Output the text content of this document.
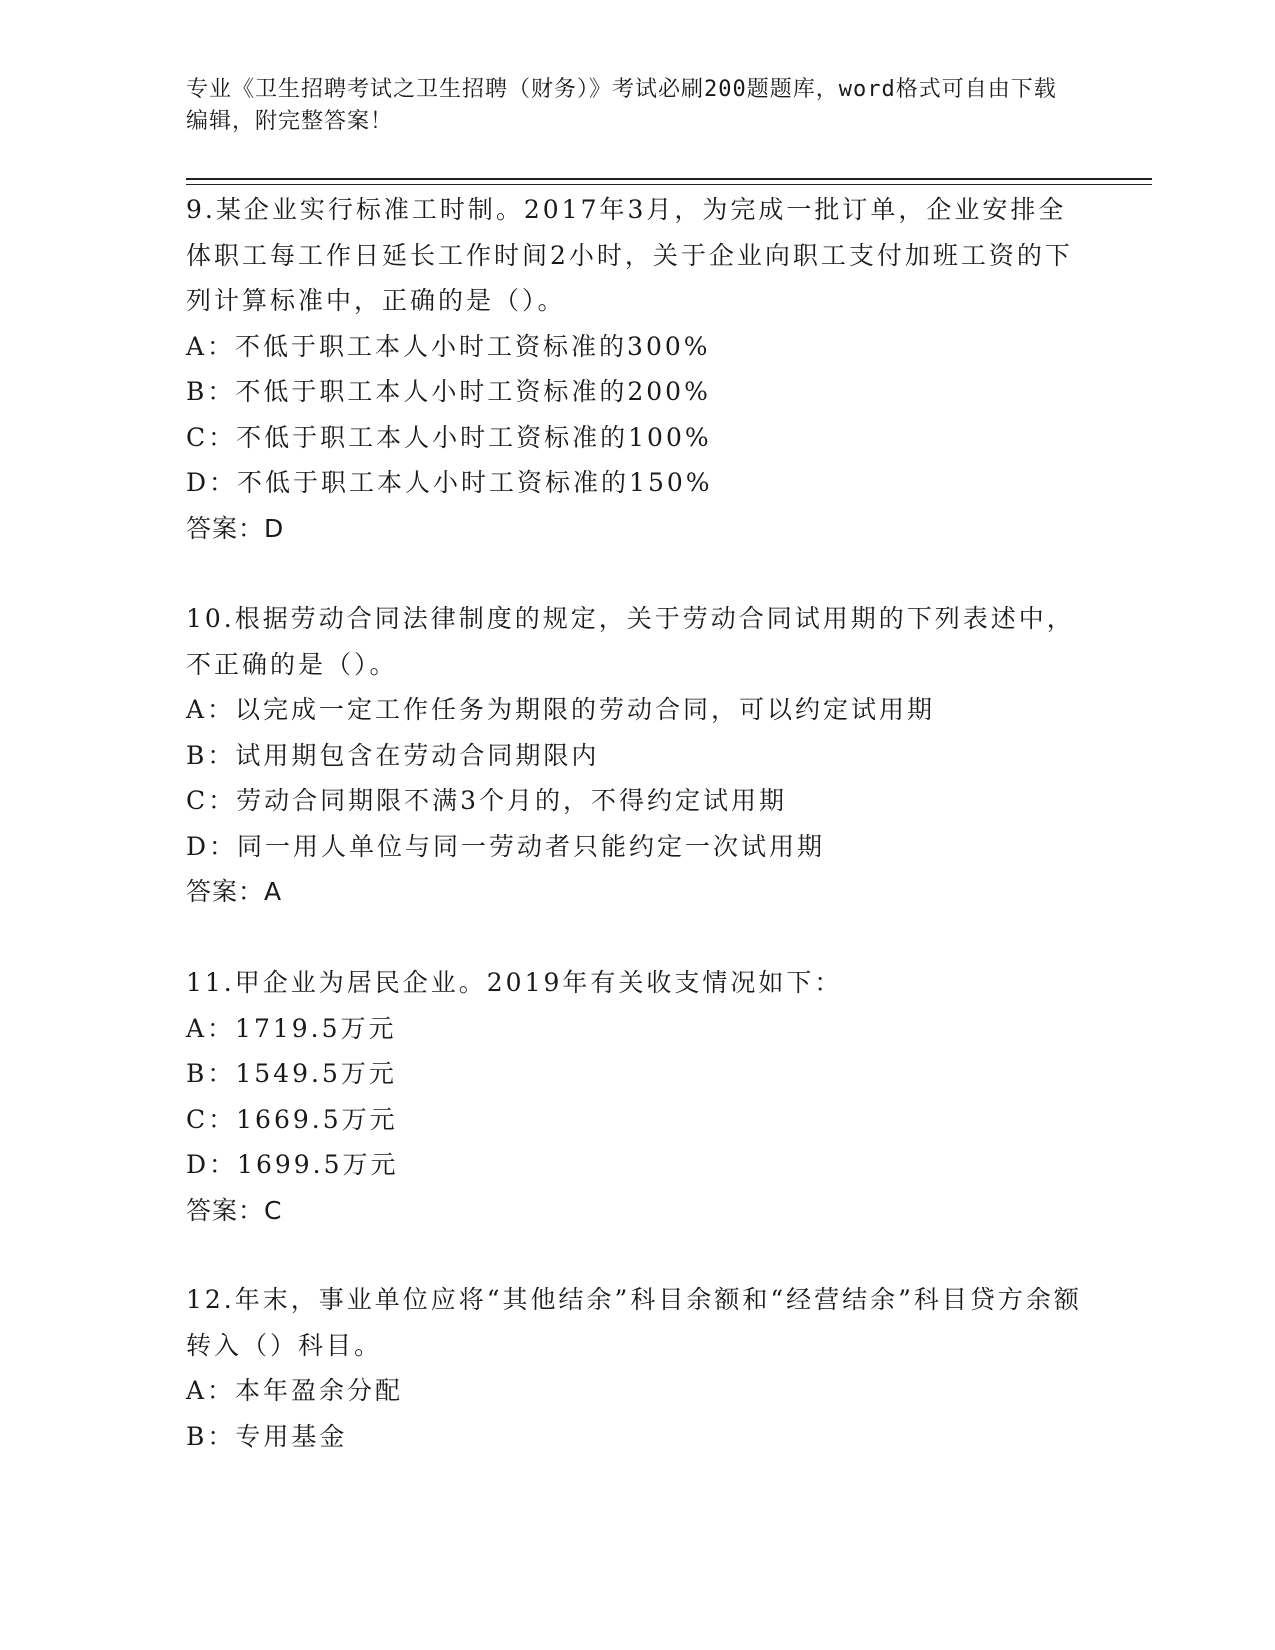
专业《卫生招聘考试之卫生招聘（财务）》考试必刷200题题库，word格式可自由下载编辑，附完整答案！

9.某企业实行标准工时制。2017年3月，为完成一批订单，企业安排全体职工每工作日延长工作时间2小时，关于企业向职工支付加班工资的下列计算标准中，正确的是（）。

A：不低于职工本人小时工资标准的300%

B：不低于职工本人小时工资标准的200%

C：不低于职工本人小时工资标准的100%

D：不低于职工本人小时工资标准的150%

答案：D

10.根据劳动合同法律制度的规定，关于劳动合同试用期的下列表述中，不正确的是（）。

A：以完成一定工作任务为期限的劳动合同，可以约定试用期

B：试用期包含在劳动合同期限内

C：劳动合同期限不满3个月的，不得约定试用期

D：同一用人单位与同一劳动者只能约定一次试用期

答案：A

11.甲企业为居民企业。2019年有关收支情况如下：

A：1719.5万元

B：1549.5万元

C：1669.5万元

D：1699.5万元

答案：C

12.年末，事业单位应将“其他结余”科目余额和“经营结余”科目贷方余额转入（）科目。

A：本年盈余分配

B：专用基金
